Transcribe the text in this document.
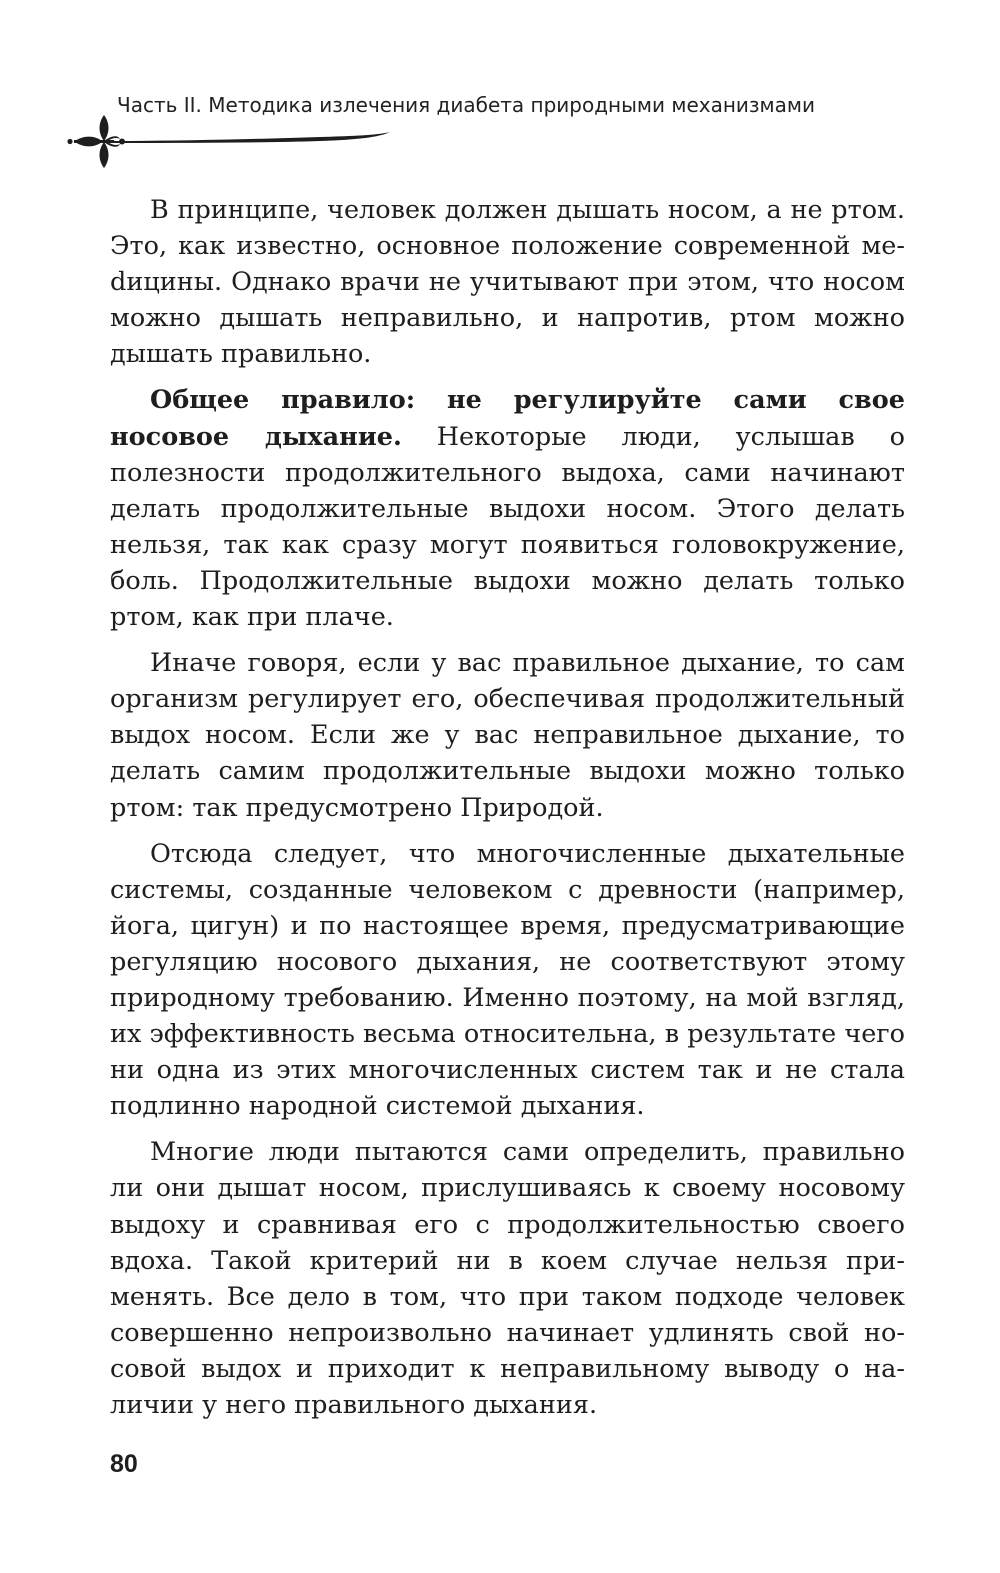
Часть II. Методика излечения диабета природными механизмами

В принципе, человек должен дышать носом, а не ртом. Это, как известно, основное положение современной меdицины. Однако врачи не учитывают при этом, что носом можно дышать неправильно, и напротив, ртом можно дышать правильно.

Общее правило: не регулируйте сами свое носовое дыхание. Некоторые люди, услышав о полезности продолжительного выдоха, сами начинают делать продолжительные выдохи носом. Этого делать нельзя, так как сразу могут появиться головокружение, боль. Продолжительные выдохи можно делать только ртом, как при плаче.

Иначе говоря, если у вас правильное дыхание, то сам организм регулирует его, обеспечивая продолжительный выдох носом. Если же у вас неправильное дыхание, то делать самим продолжительные выдохи можно только ртом: так предусмотрено Природой.

Отсюда следует, что многочисленные дыхательные системы, созданные человеком с древности (например, йога, цигун) и по настоящее время, предусматривающие регуляцию носового дыхания, не соответствуют этому природному требованию. Именно поэтому, на мой взгляд, их эффективность весьма относительна, в результате чего ни одна из этих многочисленных систем так и не стала подлинно народной системой дыхания.

Многие люди пытаются сами определить, правильно ли они дышат носом, прислушиваясь к своему носовому выдоху и сравнивая его с продолжительностью своего вдоха. Такой критерий ни в коем случае нельзя применять. Все дело в том, что при таком подходе человек совершенно непроизвольно начинает удлинять свой носовой выдох и приходит к неправильному выводу о наличии у него правильного дыхания.

80
